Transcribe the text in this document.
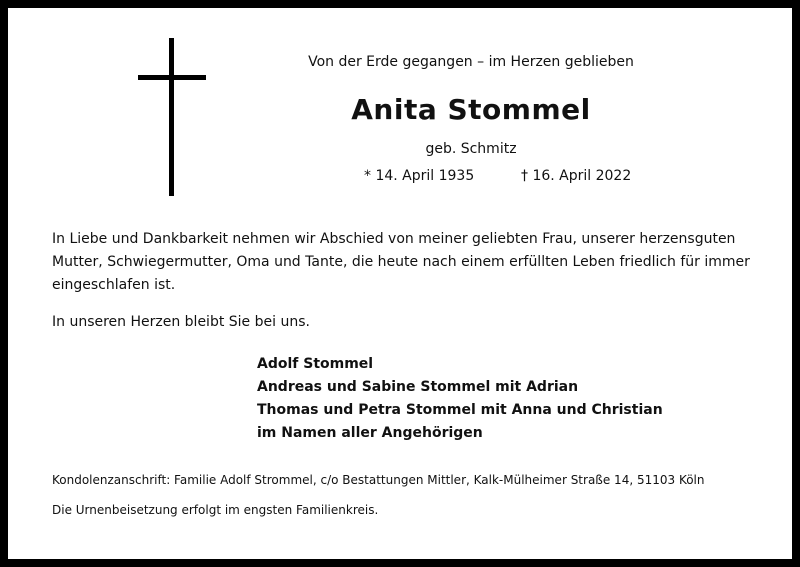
Von der Erde gegangen – im Herzen geblieben
Anita Stommel
geb. Schmitz
* 14. April 1935	† 16. April 2022
In Liebe und Dankbarkeit nehmen wir Abschied von meiner geliebten Frau, unserer herzensguten Mutter, Schwiegermutter, Oma und Tante, die heute nach einem erfüllten Leben friedlich für immer eingeschlafen ist.
In unseren Herzen bleibt Sie bei uns.
Adolf Stommel
Andreas und Sabine Stommel mit Adrian
Thomas und Petra Stommel mit Anna und Christian
im Namen aller Angehörigen
Kondolenzanschrift: Familie Adolf Strommel, c/o Bestattungen Mittler, Kalk-Mülheimer Straße 14, 51103 Köln
Die Urnenbeisetzung erfolgt im engsten Familienkreis.
